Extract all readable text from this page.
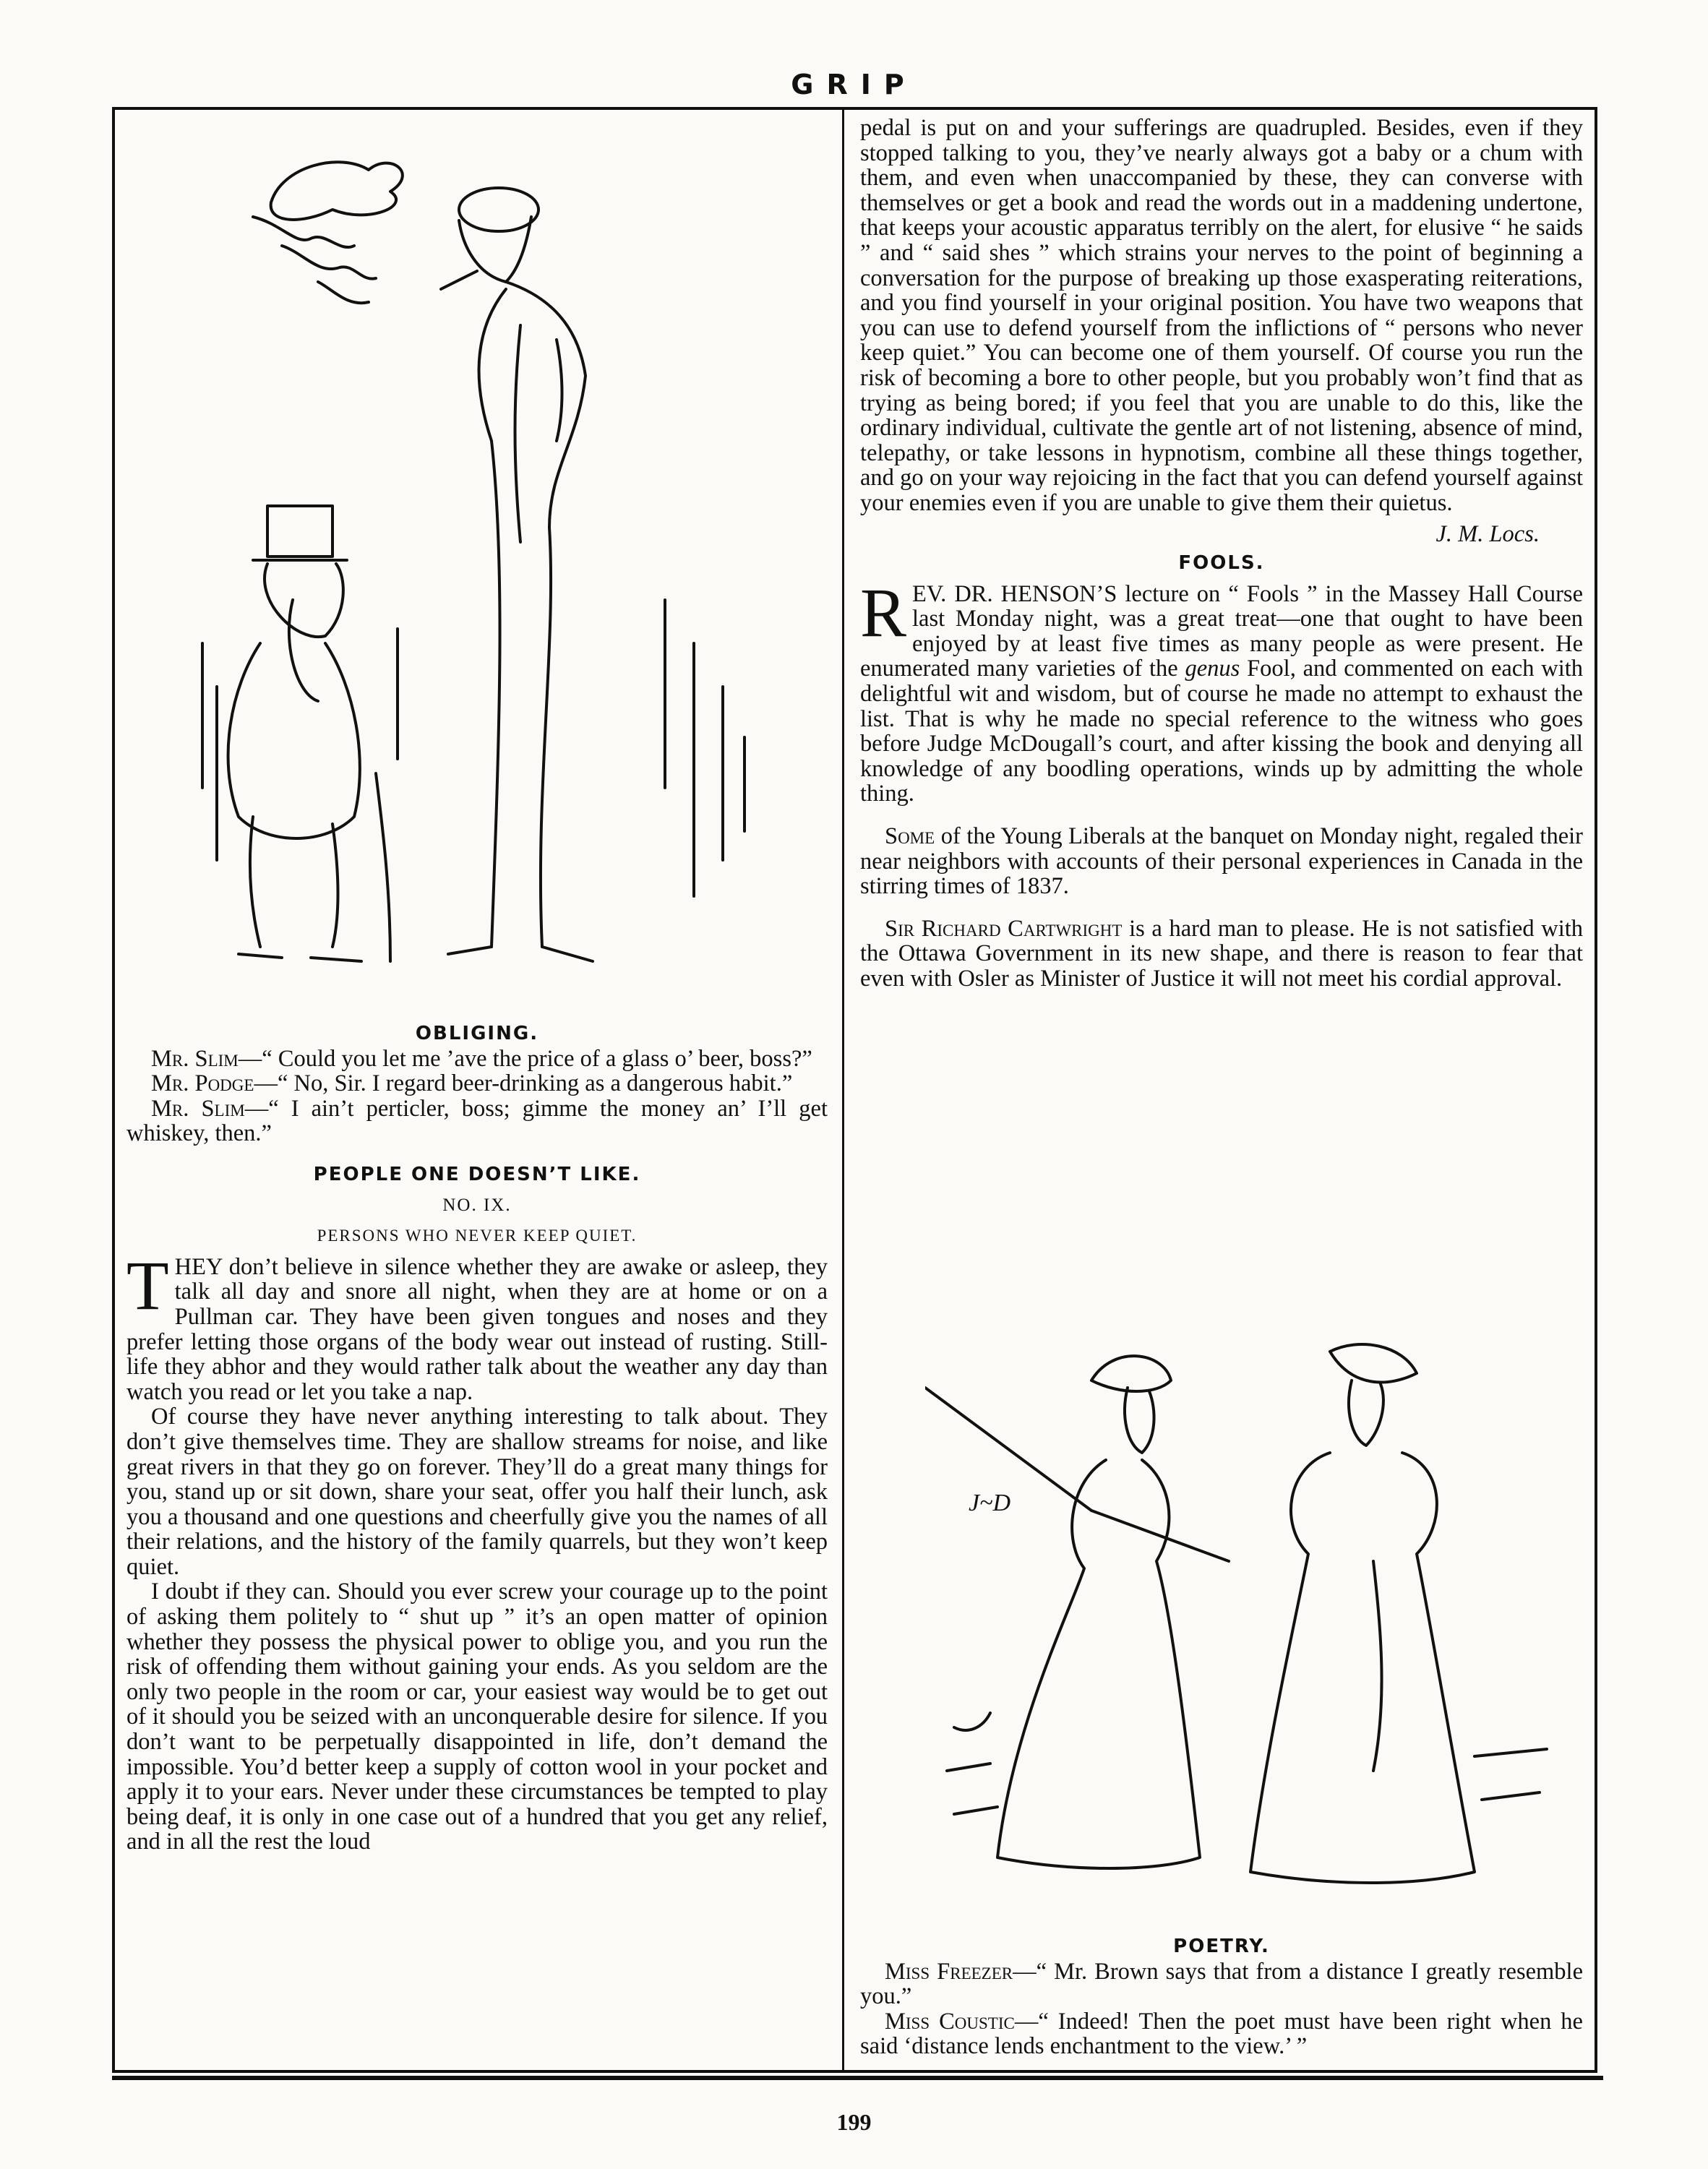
GRIP
J~D
OBLIGING.

Mr. Slim—“ Could you let me ’ave the price of a glass o’ beer, boss?”

Mr. Podge—“ No, Sir. I regard beer-drinking as a dangerous habit.”

Mr. Slim—“ I ain’t perticler, boss; gimme the money an’ I’ll get whiskey, then.”

PEOPLE ONE DOESN’T LIKE.
NO. IX.
PERSONS WHO NEVER KEEP QUIET.

THEY don’t believe in silence whether they are awake or asleep, they talk all day and snore all night, when they are at home or on a Pullman car. They have been given tongues and noses and they prefer letting those organs of the body wear out instead of rusting. Still-life they abhor and they would rather talk about the weather any day than watch you read or let you take a nap.

Of course they have never anything interesting to talk about. They don’t give themselves time. They are shallow streams for noise, and like great rivers in that they go on forever. They’ll do a great many things for you, stand up or sit down, share your seat, offer you half their lunch, ask you a thousand and one questions and cheerfully give you the names of all their relations, and the history of the family quarrels, but they won’t keep quiet.

I doubt if they can. Should you ever screw your courage up to the point of asking them politely to “ shut up ” it’s an open matter of opinion whether they possess the physical power to oblige you, and you run the risk of offending them without gaining your ends. As you seldom are the only two people in the room or car, your easiest way would be to get out of it should you be seized with an unconquerable desire for silence. If you don’t want to be perpetually disappointed in life, don’t demand the impossible. You’d better keep a supply of cotton wool in your pocket and apply it to your ears. Never under these circumstances be tempted to play being deaf, it is only in one case out of a hundred that you get any relief, and in all the rest the loud

pedal is put on and your sufferings are quadrupled. Besides, even if they stopped talking to you, they’ve nearly always got a baby or a chum with them, and even when unaccompanied by these, they can converse with themselves or get a book and read the words out in a maddening undertone, that keeps your acoustic apparatus terribly on the alert, for elusive “ he saids ” and “ said shes ” which strains your nerves to the point of beginning a conversation for the purpose of breaking up those exasperating reiterations, and you find yourself in your original position. You have two weapons that you can use to defend yourself from the inflictions of “ persons who never keep quiet.” You can become one of them yourself. Of course you run the risk of becoming a bore to other people, but you probably won’t find that as trying as being bored; if you feel that you are unable to do this, like the ordinary individual, cultivate the gentle art of not listening, absence of mind, telepathy, or take lessons in hypnotism, combine all these things together, and go on your way rejoicing in the fact that you can defend yourself against your enemies even if you are unable to give them their quietus.

J. M. Locs.

FOOLS.

REV. DR. HENSON’S lecture on “ Fools ” in the Massey Hall Course last Monday night, was a great treat—one that ought to have been enjoyed by at least five times as many people as were present. He enumerated many varieties of the genus Fool, and commented on each with delightful wit and wisdom, but of course he made no attempt to exhaust the list. That is why he made no special reference to the witness who goes before Judge McDougall’s court, and after kissing the book and denying all knowledge of any boodling operations, winds up by admitting the whole thing.

Some of the Young Liberals at the banquet on Monday night, regaled their near neighbors with accounts of their personal experiences in Canada in the stirring times of 1837.

Sir Richard Cartwright is a hard man to please. He is not satisfied with the Ottawa Government in its new shape, and there is reason to fear that even with Osler as Minister of Justice it will not meet his cordial approval.

POETRY.

Miss Freezer—“ Mr. Brown says that from a distance I greatly resemble you.”

Miss Coustic—“ Indeed! Then the poet must have been right when he said ‘distance lends enchantment to the view.’ ”

199
